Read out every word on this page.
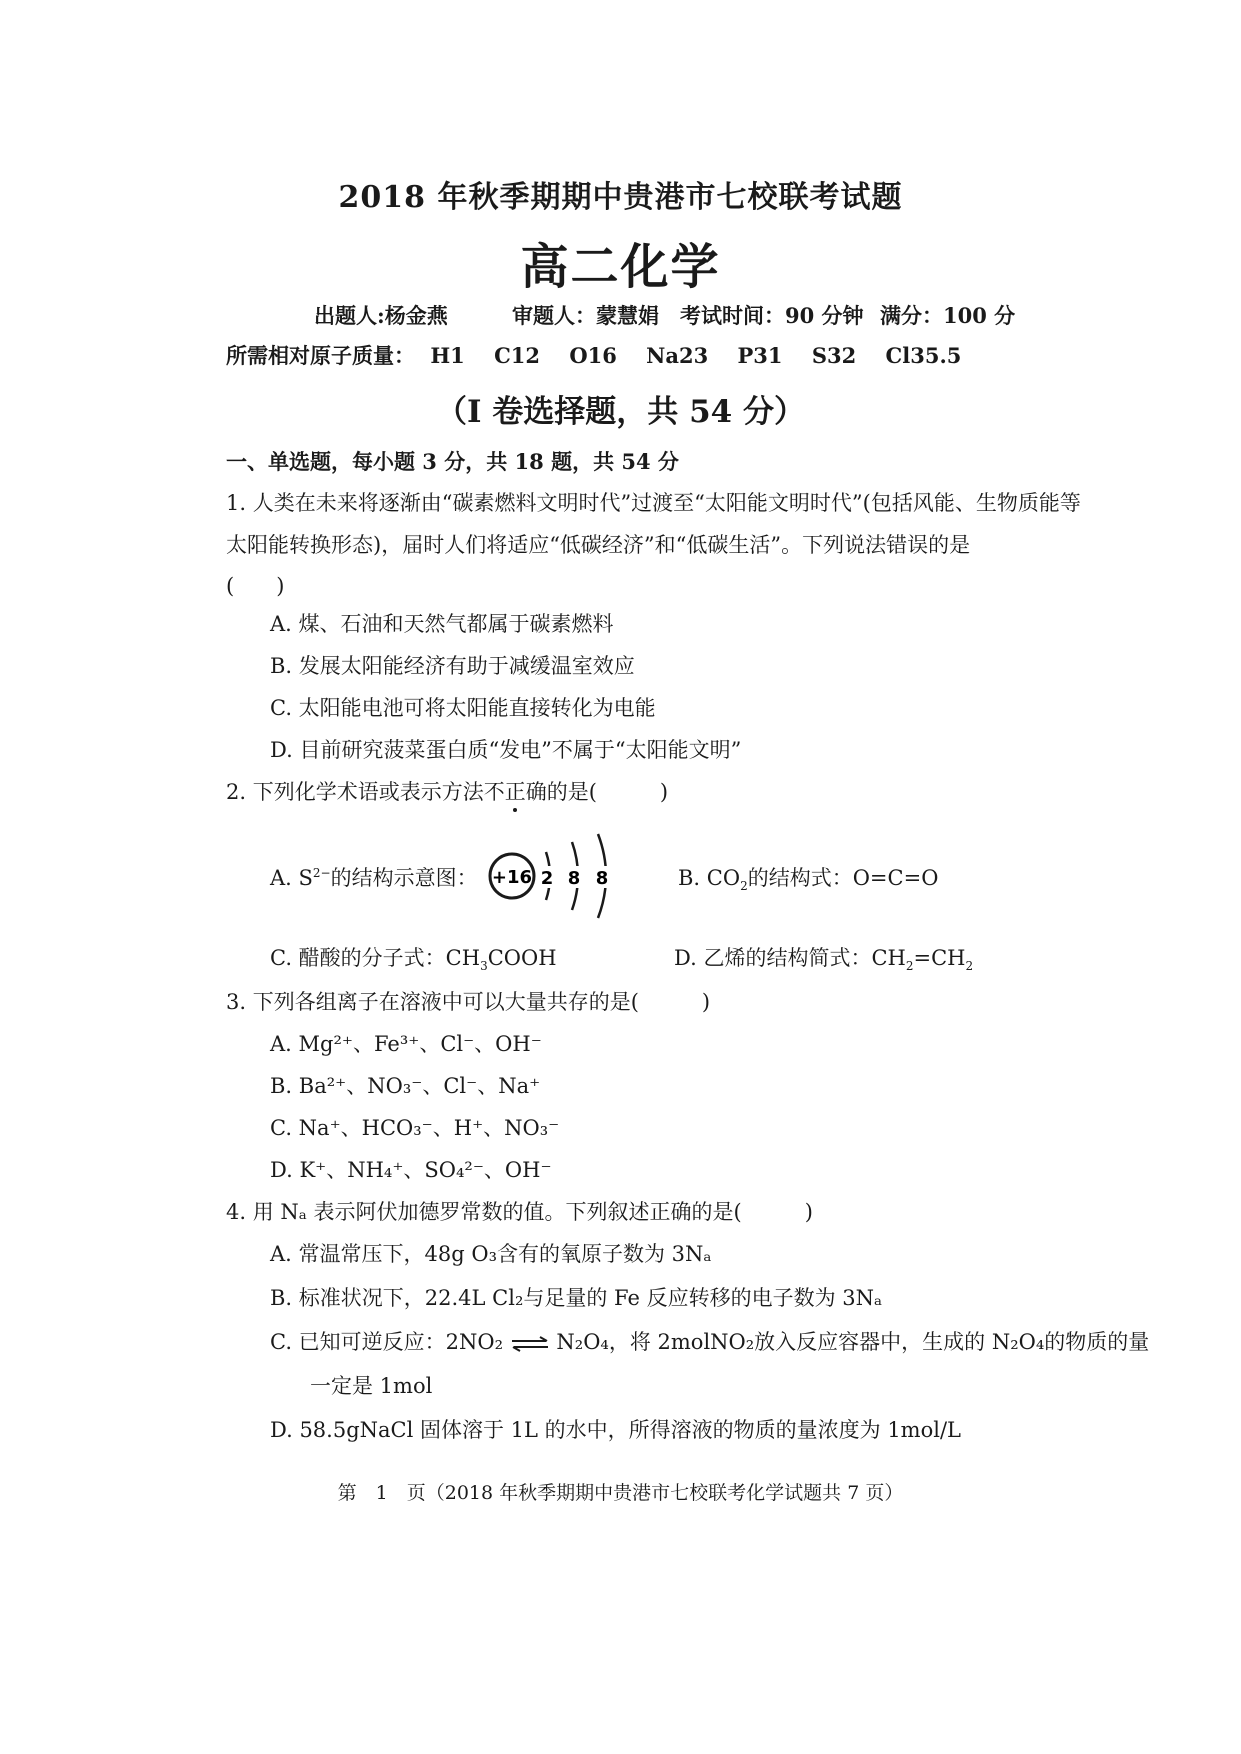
2018 年秋季期期中贵港市七校联考试题
高二化学
出题人:杨金燕	审题人：蒙慧娟 考试时间：90 分钟 满分：100 分
所需相对原子质量： H1 C12 O16 Na23 P31 S32 Cl35.5
（I 卷选择题，共 54 分）
一、单选题，每小题 3 分，共 18 题，共 54 分
1. 人类在未来将逐渐由“碳素燃料文明时代”过渡至“太阳能文明时代”(包括风能、生物质能等太阳能转换形态)，届时人们将适应“低碳经济”和“低碳生活”。下列说法错误的是
(　　)
A. 煤、石油和天然气都属于碳素燃料
B. 发展太阳能经济有助于减缓温室效应
C. 太阳能电池可将太阳能直接转化为电能
D. 目前研究菠菜蛋白质“发电”不属于“太阳能文明”
2. 下列化学术语或表示方法不正确的是(　　　)
A. $S^{2-}$的结构示意图： +16 2 8 8	B. $CO_2$的结构式：O=C=O
C. 醋酸的分子式：$CH_3COOH$	D. 乙烯的结构简式：$CH_2=CH_2$
3. 下列各组离子在溶液中可以大量共存的是(　　　)
A. Mg²⁺、Fe³⁺、Cl⁻、OH⁻
B. Ba²⁺、NO₃⁻、Cl⁻、Na⁺
C. Na⁺、HCO₃⁻、H⁺、NO₃⁻
D. K⁺、NH₄⁺、SO₄²⁻、OH⁻
4. 用 Nₐ 表示阿伏加德罗常数的值。下列叙述正确的是(　　　)
A. 常温常压下，48g O₃含有的氧原子数为 3Nₐ
B. 标准状况下，22.4L Cl₂与足量的 Fe 反应转移的电子数为 3Nₐ
C. 已知可逆反应：2NO₂ ⇌ N₂O₄，将 2molNO₂放入反应容器中，生成的 N₂O₄的物质的量
一定是 1mol
D. 58.5gNaCl 固体溶于 1L 的水中，所得溶液的物质的量浓度为 1mol/L
第　1　页（2018 年秋季期期中贵港市七校联考化学试题共 7 页）
